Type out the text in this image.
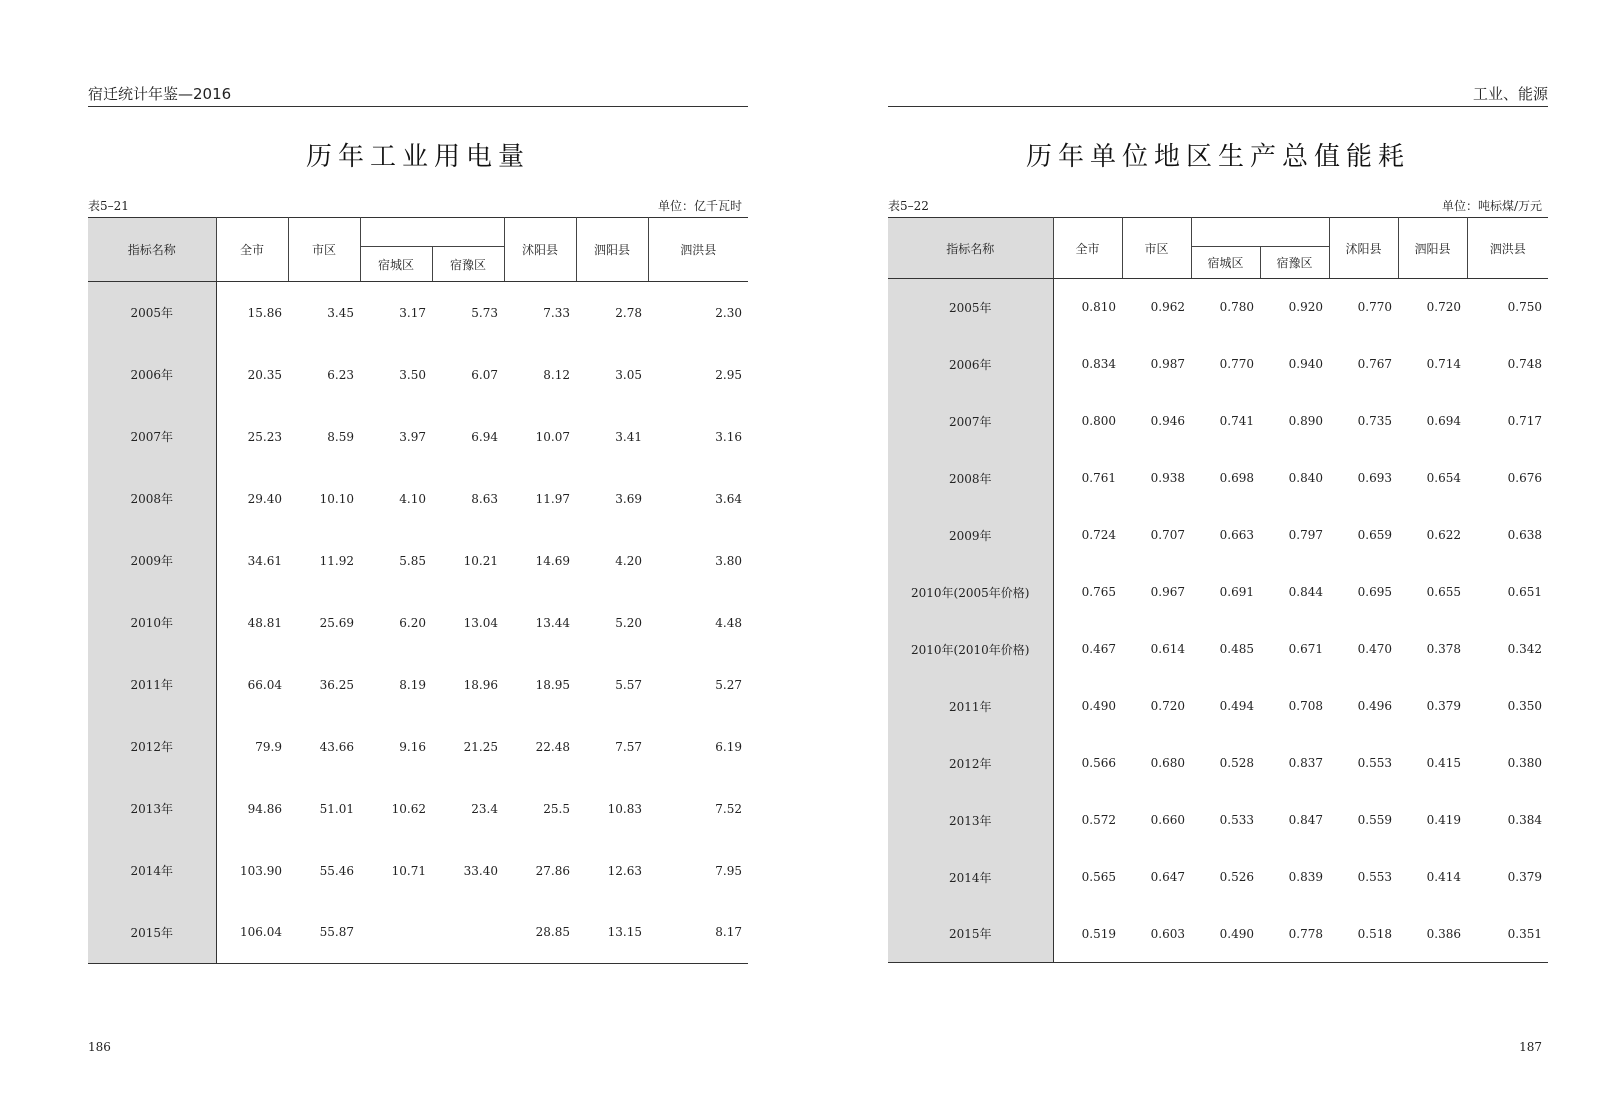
宿迁统计年鉴—2016
历年工业用电量
表5–21	单位：亿千瓦时
指标名称	全市	市区			沭阳县	泗阳县	泗洪县
			宿城区	宿豫区			
2005年	15.86	3.45	3.17	5.73	7.33	2.78	2.30
2006年	20.35	6.23	3.50	6.07	8.12	3.05	2.95
2007年	25.23	8.59	3.97	6.94	10.07	3.41	3.16
2008年	29.40	10.10	4.10	8.63	11.97	3.69	3.64
2009年	34.61	11.92	5.85	10.21	14.69	4.20	3.80
2010年	48.81	25.69	6.20	13.04	13.44	5.20	4.48
2011年	66.04	36.25	8.19	18.96	18.95	5.57	5.27
2012年	79.9	43.66	9.16	21.25	22.48	7.57	6.19
2013年	94.86	51.01	10.62	23.4	25.5	10.83	7.52
2014年	103.90	55.46	10.71	33.40	27.86	12.63	7.95
2015年	106.04	55.87			28.85	13.15	8.17
186
工业、能源
历年单位地区生产总值能耗
表5–22	单位：吨标煤/万元
指标名称	全市	市区			沭阳县	泗阳县	泗洪县
			宿城区	宿豫区			
2005年	0.810	0.962	0.780	0.920	0.770	0.720	0.750
2006年	0.834	0.987	0.770	0.940	0.767	0.714	0.748
2007年	0.800	0.946	0.741	0.890	0.735	0.694	0.717
2008年	0.761	0.938	0.698	0.840	0.693	0.654	0.676
2009年	0.724	0.707	0.663	0.797	0.659	0.622	0.638
2010年(2005年价格)	0.765	0.967	0.691	0.844	0.695	0.655	0.651
2010年(2010年价格)	0.467	0.614	0.485	0.671	0.470	0.378	0.342
2011年	0.490	0.720	0.494	0.708	0.496	0.379	0.350
2012年	0.566	0.680	0.528	0.837	0.553	0.415	0.380
2013年	0.572	0.660	0.533	0.847	0.559	0.419	0.384
2014年	0.565	0.647	0.526	0.839	0.553	0.414	0.379
2015年	0.519	0.603	0.490	0.778	0.518	0.386	0.351
187
